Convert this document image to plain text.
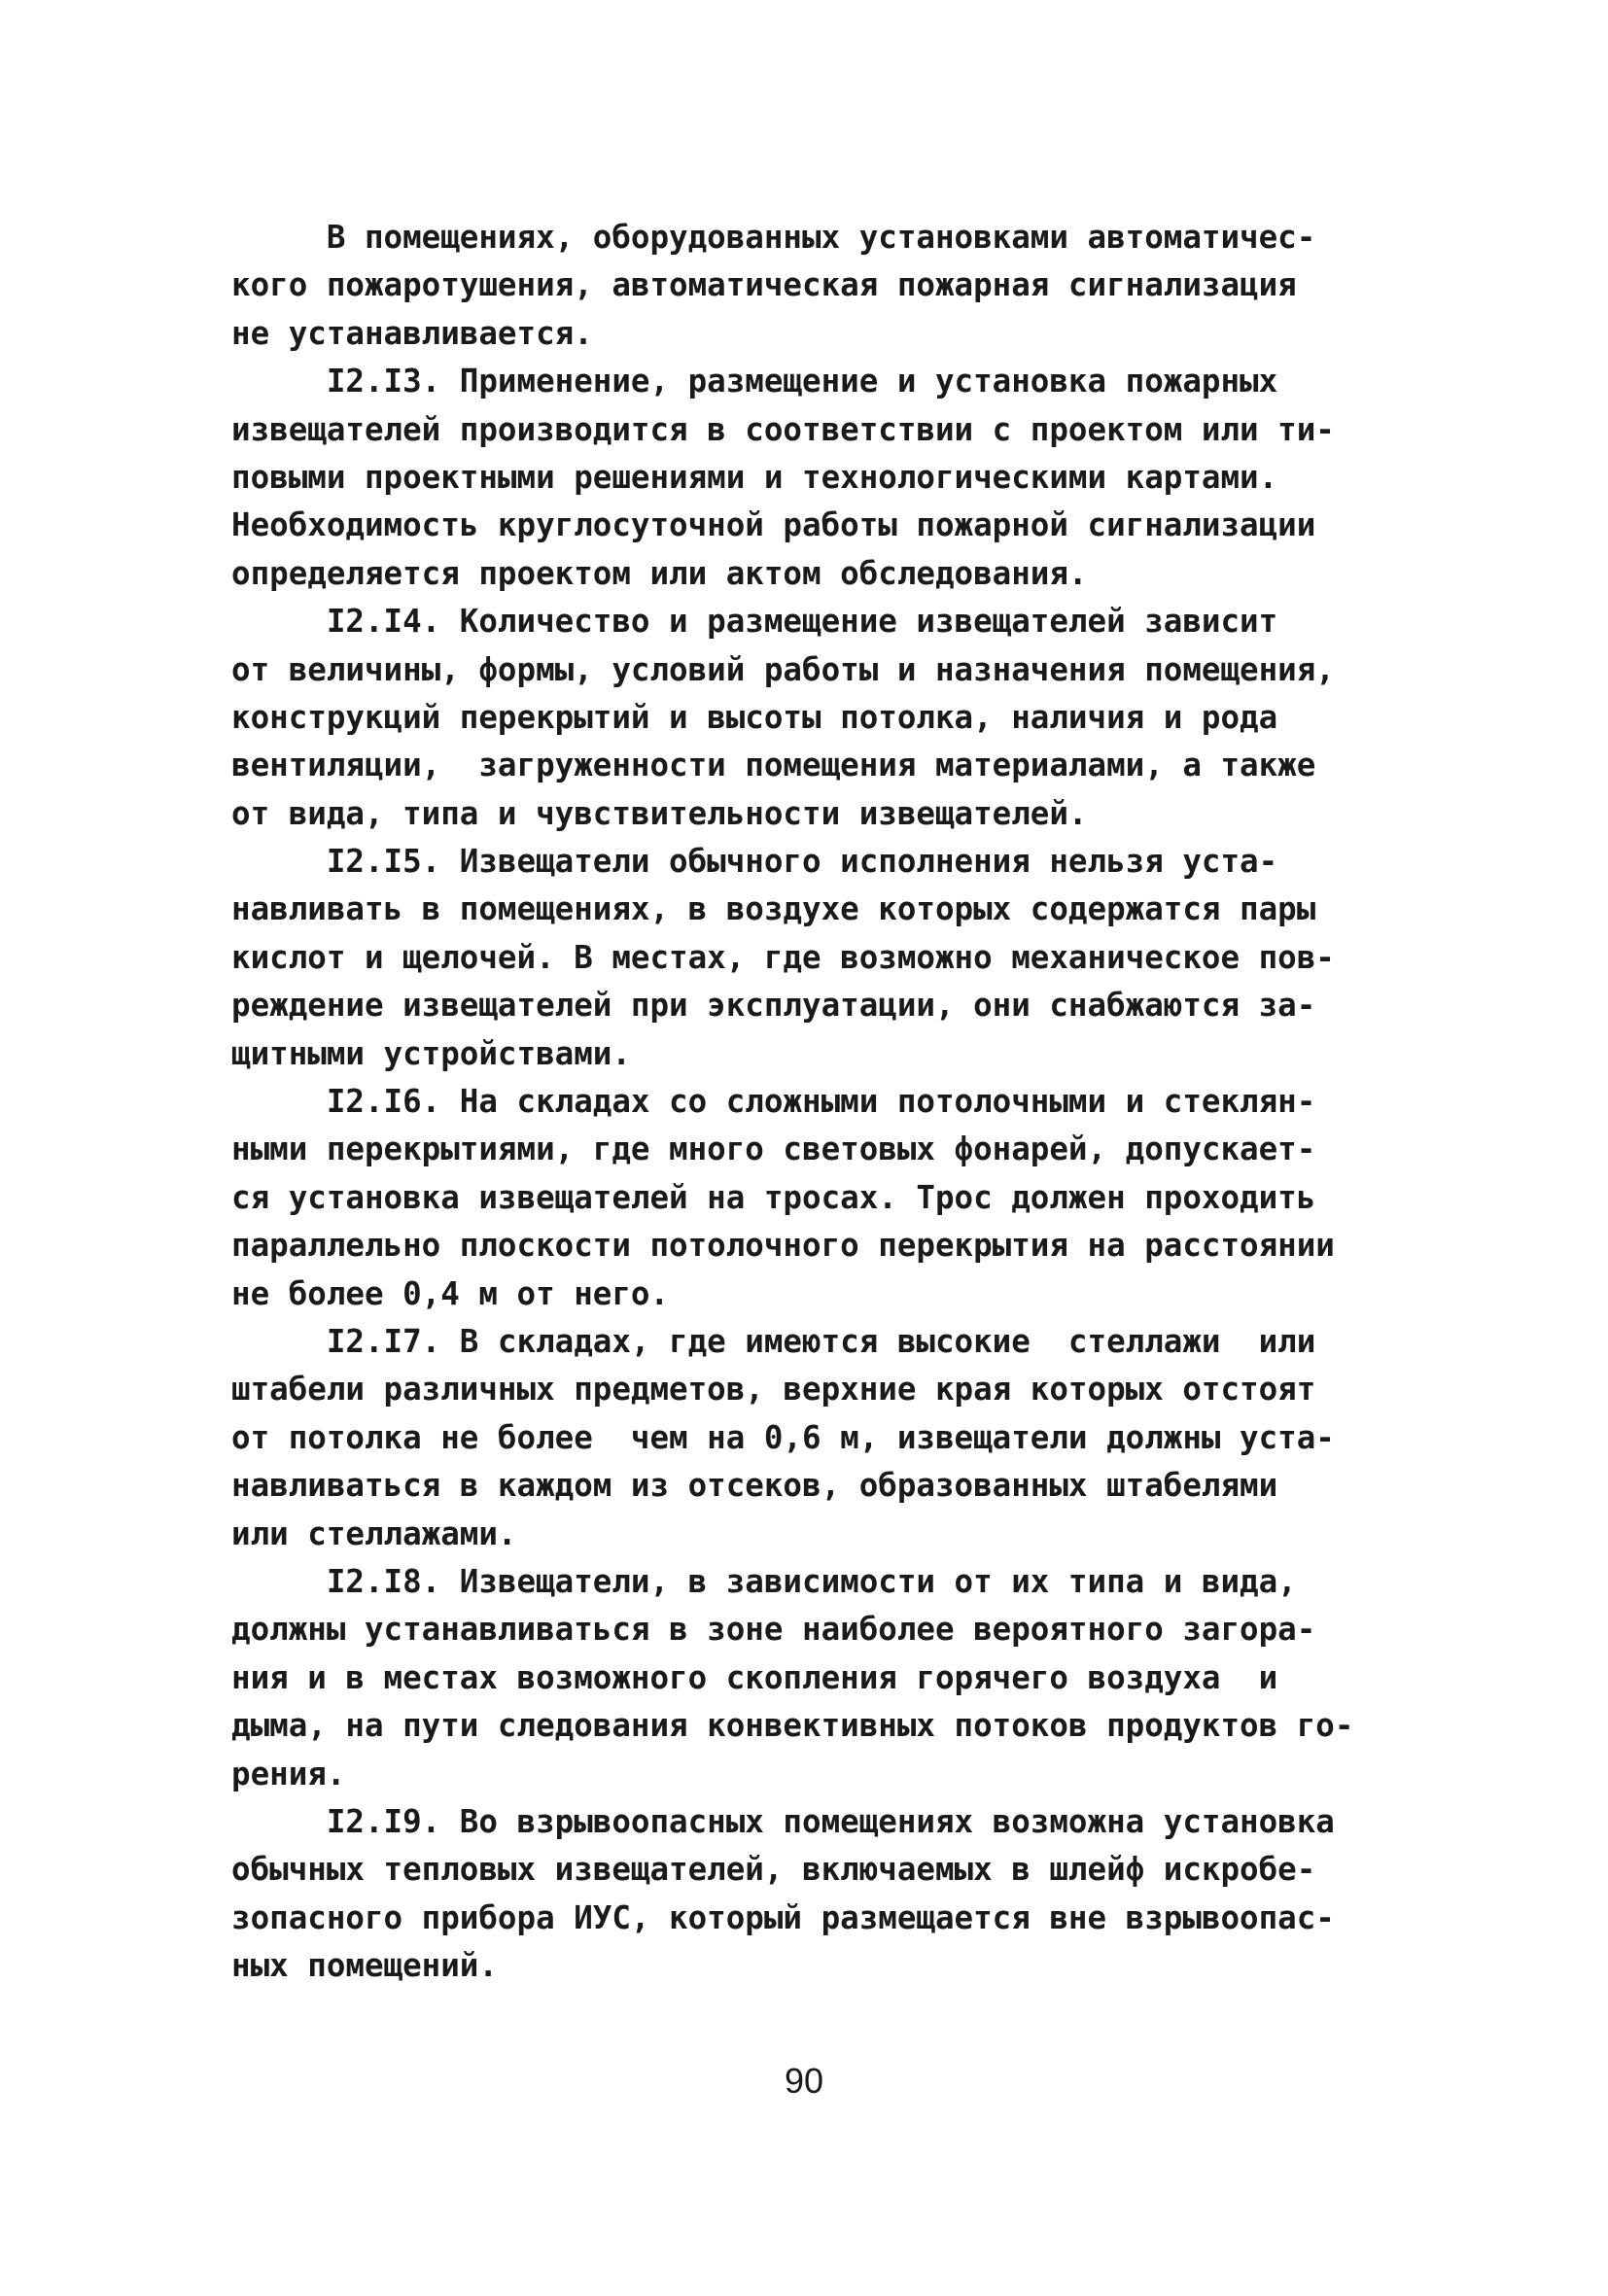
В помещениях, оборудованных установками автоматичес-
кого пожаротушения, автоматическая пожарная сигнализация
не устанавливается.
I2.I3. Применение, размещение и установка пожарных
извещателей производится в соответствии с проектом или ти-
повыми проектными решениями и технологическими картами.
Необходимость круглосуточной работы пожарной сигнализации
определяется проектом или актом обследования.
I2.I4. Количество и размещение извещателей зависит
от величины, формы, условий работы и назначения помещения,
конструкций перекрытий и высоты потолка, наличия и рода
вентиляции,  загруженности помещения материалами, а также
от вида, типа и чувствительности извещателей.
I2.I5. Извещатели обычного исполнения нельзя уста-
навливать в помещениях, в воздухе которых содержатся пары
кислот и щелочей. В местах, где возможно механическое пов-
реждение извещателей при эксплуатации, они снабжаются за-
щитными устройствами.
I2.I6. На складах со сложными потолочными и стеклян-
ными перекрытиями, где много световых фонарей, допускает-
ся установка извещателей на тросах. Трос должен проходить
параллельно плоскости потолочного перекрытия на расстоянии
не более 0,4 м от него.
I2.I7. В складах, где имеются высокие  стеллажи  или
штабели различных предметов, верхние края которых отстоят
от потолка не более  чем на 0,6 м, извещатели должны уста-
навливаться в каждом из отсеков, образованных штабелями
или стеллажами.
I2.I8. Извещатели, в зависимости от их типа и вида,
должны устанавливаться в зоне наиболее вероятного загора-
ния и в местах возможного скопления горячего воздуха  и
дыма, на пути следования конвективных потоков продуктов го-
рения.
I2.I9. Во взрывоопасных помещениях возможна установка
обычных тепловых извещателей, включаемых в шлейф искробе-
зопасного прибора ИУС, который размещается вне взрывоопас-
ных помещений.
90
